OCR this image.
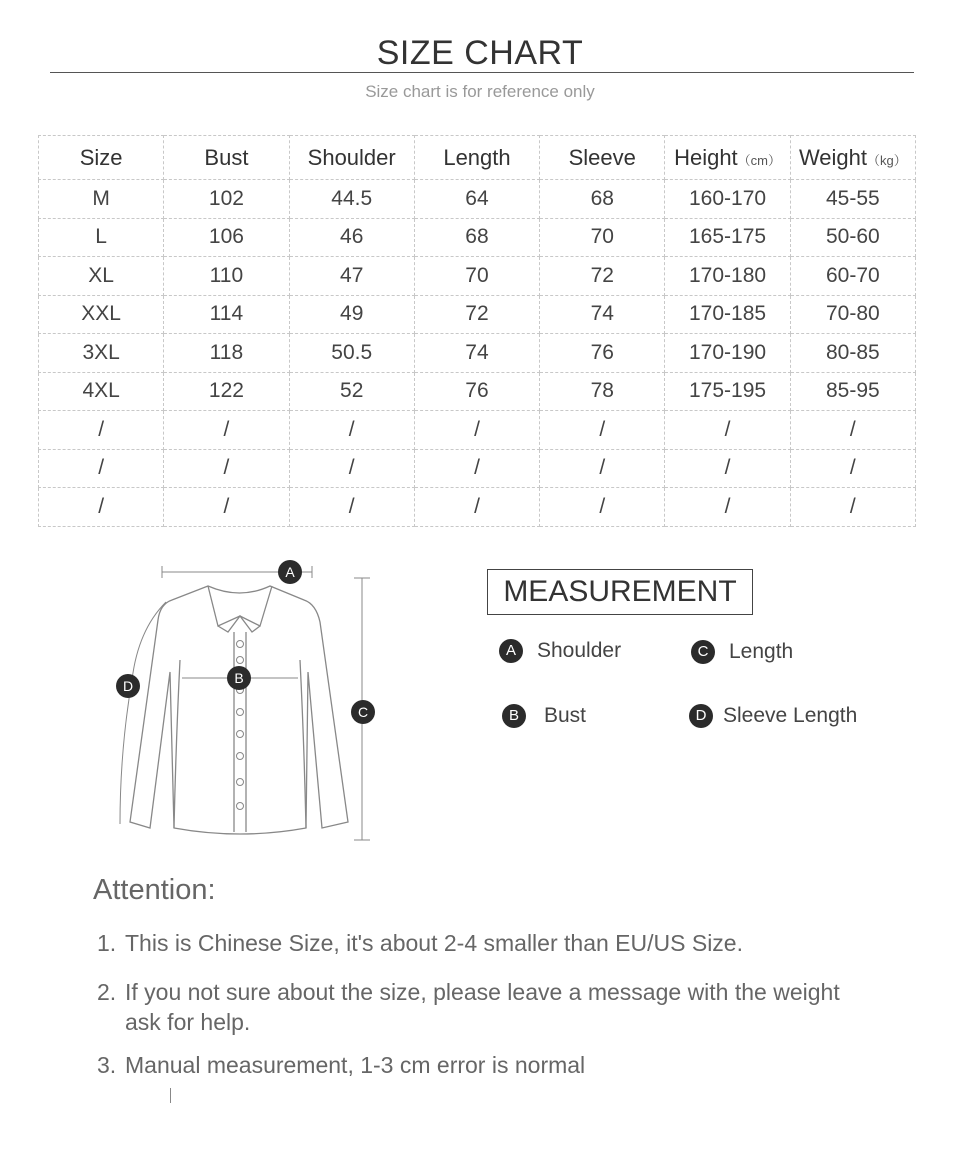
SIZE CHART
Size chart is for reference only
Size	Bust	Shoulder	Length	Sleeve	Height（cm）	Weight（kg）
M	102	44.5	64	68	160-170	45-55
L	106	46	68	70	165-175	50-60
XL	110	47	70	72	170-180	60-70
XXL	114	49	72	74	170-185	70-80
3XL	118	50.5	74	76	170-190	80-85
4XL	122	52	76	78	175-195	85-95
/	/	/	/	/	/	/
/	/	/	/	/	/	/
/	/	/	/	/	/	/
A
B
C
D
MEASUREMENT
A	Shoulder	C Length
B	Bust	D Sleeve Length
Attention:
1. This is Chinese Size, it's about 2-4 smaller than EU/US Size.
2. If you not sure about the size, please leave a message with the weight ask for help.
3. Manual measurement, 1-3 cm error is normal
